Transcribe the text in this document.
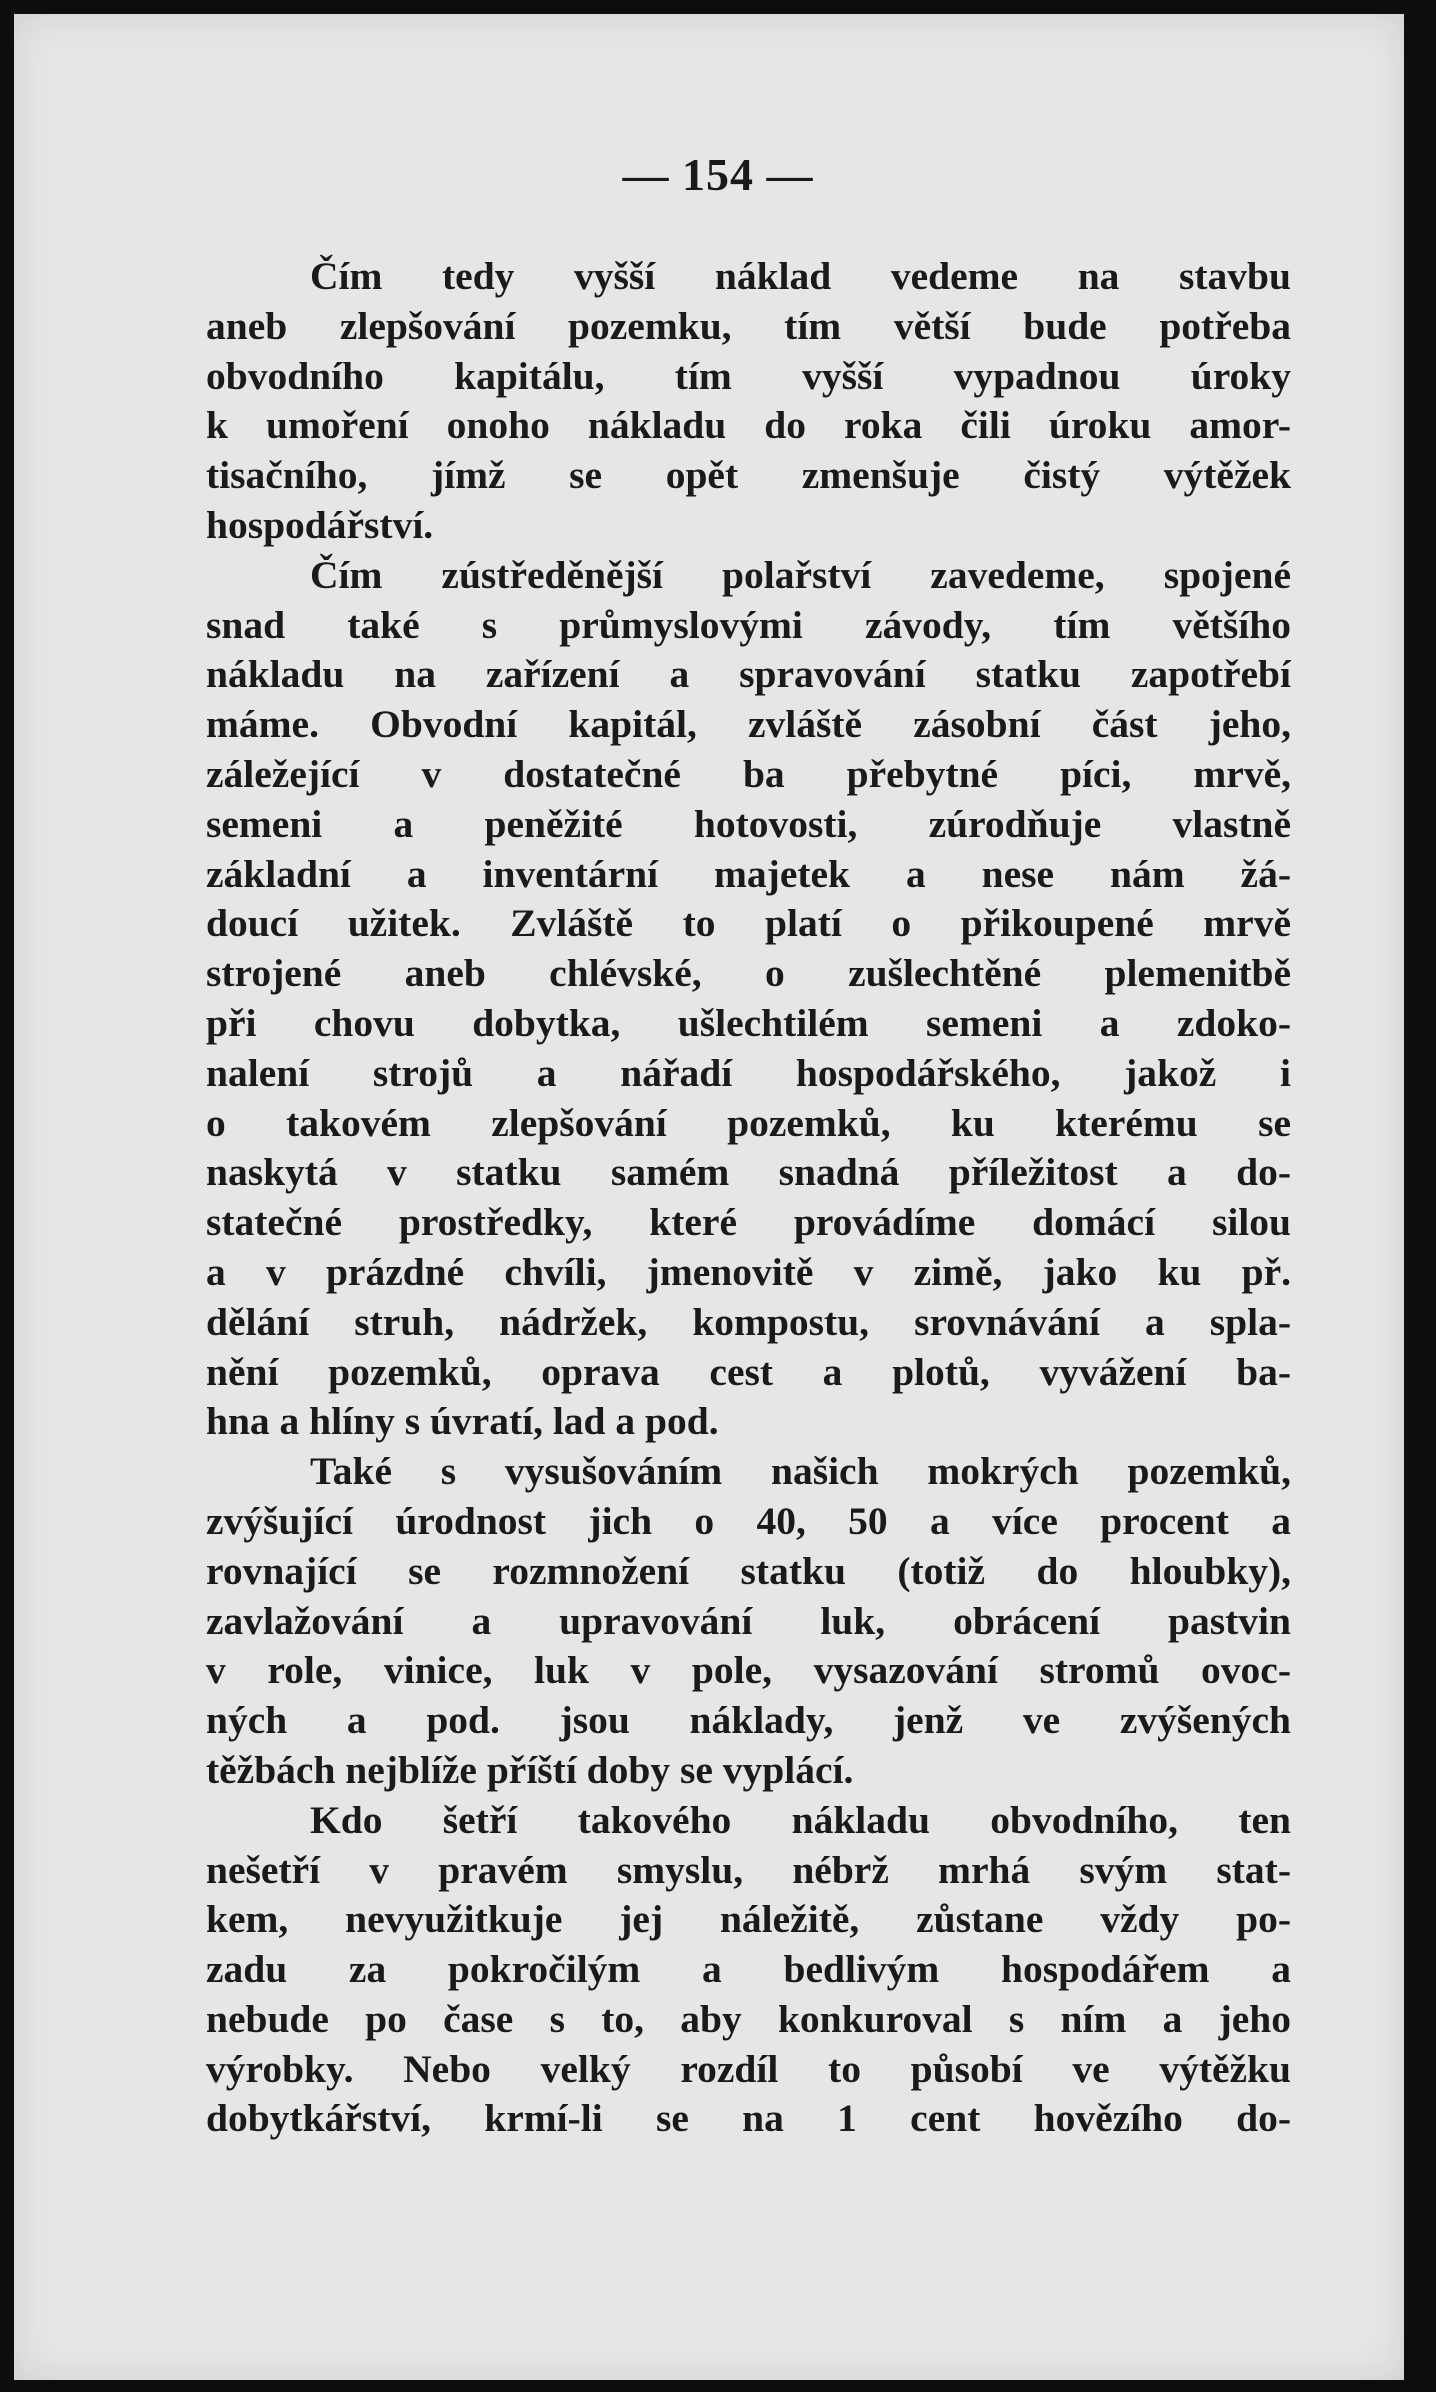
— 154 —
Čím tedy vyšší náklad vedeme na stavbu
aneb zlepšování pozemku, tím větší bude potřeba
obvodního kapitálu, tím vyšší vypadnou úroky
k umoření onoho nákladu do roka čili úroku amor-
tisačního, jímž se opět zmenšuje čistý výtěžek
hospodářství.
Čím zústředěnější polařství zavedeme, spojené
snad také s průmyslovými závody, tím většího
nákladu na zařízení a spravování statku zapotřebí
máme. Obvodní kapitál, zvláště zásobní část jeho,
záležející v dostatečné ba přebytné píci, mrvě,
semeni a peněžité hotovosti, zúrodňuje vlastně
základní a inventární majetek a nese nám žá-
doucí užitek. Zvláště to platí o přikoupené mrvě
strojené aneb chlévské, o zušlechtěné plemenitbě
při chovu dobytka, ušlechtilém semeni a zdoko-
nalení strojů a nářadí hospodářského, jakož i
o takovém zlepšování pozemků, ku kterému se
naskytá v statku samém snadná příležitost a do-
statečné prostředky, které provádíme domácí silou
a v prázdné chvíli, jmenovitě v zimě, jako ku př.
dělání struh, nádržek, kompostu, srovnávání a spla-
nění pozemků, oprava cest a plotů, vyvážení ba-
hna a hlíny s úvratí, lad a pod.
Také s vysušováním našich mokrých pozemků,
zvýšující úrodnost jich o 40, 50 a více procent a
rovnající se rozmnožení statku (totiž do hloubky),
zavlažování a upravování luk, obrácení pastvin
v role, vinice, luk v pole, vysazování stromů ovoc-
ných a pod. jsou náklady, jenž ve zvýšených
těžbách nejblíže příští doby se vyplácí.
Kdo šetří takového nákladu obvodního, ten
nešetří v pravém smyslu, nébrž mrhá svým stat-
kem, nevyužitkuje jej náležitě, zůstane vždy po-
zadu za pokročilým a bedlivým hospodářem a
nebude po čase s to, aby konkuroval s ním a jeho
výrobky. Nebo velký rozdíl to působí ve výtěžku
dobytkářství, krmí-li se na 1 cent hovězího do-
